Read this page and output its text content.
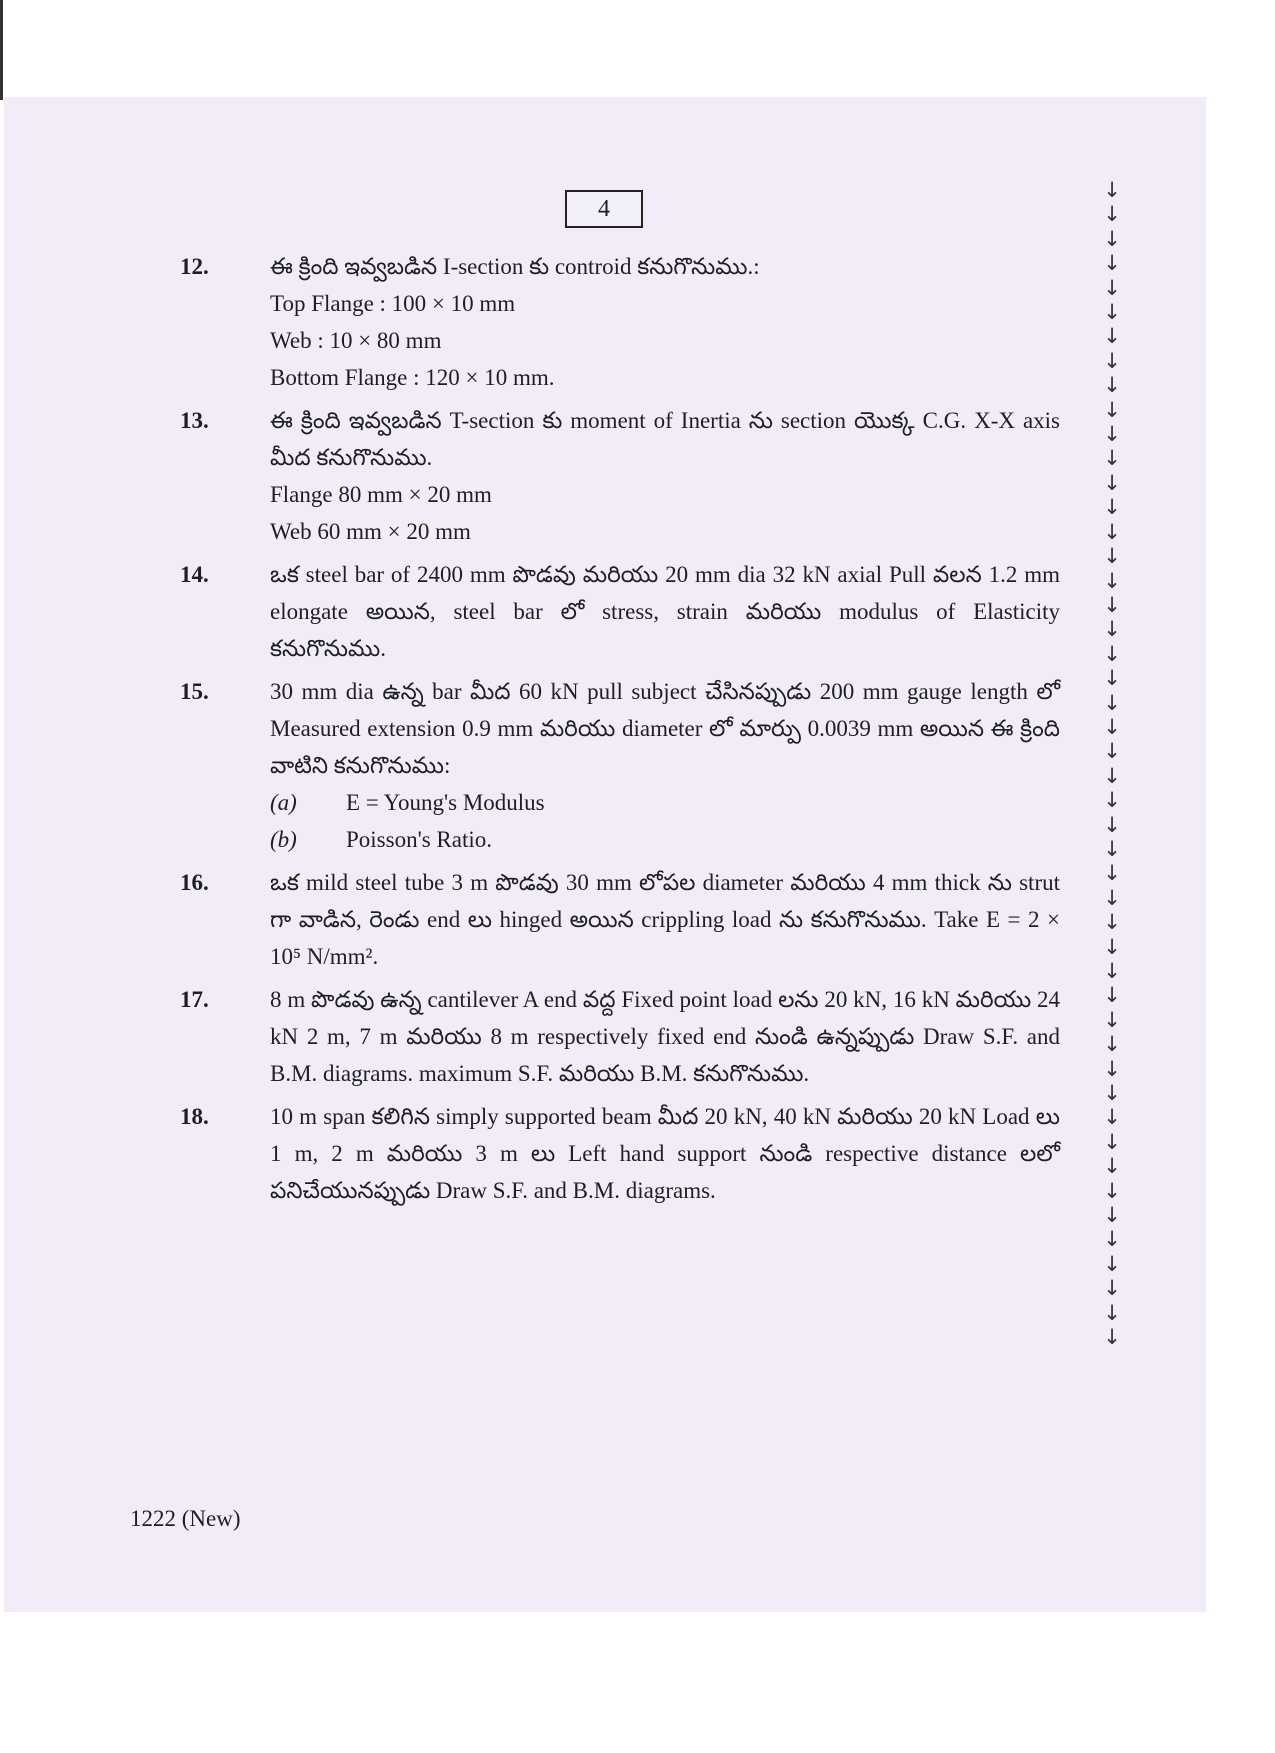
4
12.	ఈ క్రింది ఇవ్వబడిన I-section కు controid కనుగొనుము.:
Top Flange : 100 × 10 mm
Web : 10 × 80 mm
Bottom Flange : 120 × 10 mm.
13.	ఈ క్రింది ఇవ్వబడిన T-section కు moment of Inertia ను section యొక్క C.G. X-X axis మీద కనుగొనుము.
Flange 80 mm × 20 mm
Web 60 mm × 20 mm
14.	ఒక steel bar of 2400 mm పొడవు మరియు 20 mm dia 32 kN axial Pull వలన 1.2 mm elongate అయిన, steel bar లో stress, strain మరియు modulus of Elasticity కనుగొనుము.
15.	30 mm dia ఉన్న bar మీద 60 kN pull subject చేసినప్పుడు 200 mm gauge length లో Measured extension 0.9 mm మరియు diameter లో మార్పు 0.0039 mm అయిన ఈ క్రింది వాటిని కనుగొనుము:
(a)	E = Young's Modulus
(b)	Poisson's Ratio.
16.	ఒక mild steel tube 3 m పొడవు 30 mm లోపల diameter మరియు 4 mm thick ను strut గా వాడిన, రెండు end లు hinged అయిన crippling load ను కనుగొనుము. Take E = 2 × 10⁵ N/mm².
17.	8 m పొడవు ఉన్న cantilever A end వద్ద Fixed point load లను 20 kN, 16 kN మరియు 24 kN 2 m, 7 m మరియు 8 m respectively fixed end నుండి ఉన్నప్పుడు Draw S.F. and B.M. diagrams. maximum S.F. మరియు B.M. కనుగొనుము.
18.	10 m span కలిగిన simply supported beam మీద 20 kN, 40 kN మరియు 20 kN Load లు 1 m, 2 m మరియు 3 m లు Left hand support నుండి respective distance లలో పనిచేయునప్పుడు Draw S.F. and B.M. diagrams.
↓
↓
↓
↓
↓
↓
↓
↓
↓
↓
↓
↓
↓
↓
↓
↓
↓
↓
↓
↓
↓
↓
↓
↓
↓
↓
↓
↓
↓
↓
↓
↓
↓
↓
↓
↓
↓
↓
↓
↓
↓
↓
↓
↓
↓
↓
↓
↓
1222 (New)
